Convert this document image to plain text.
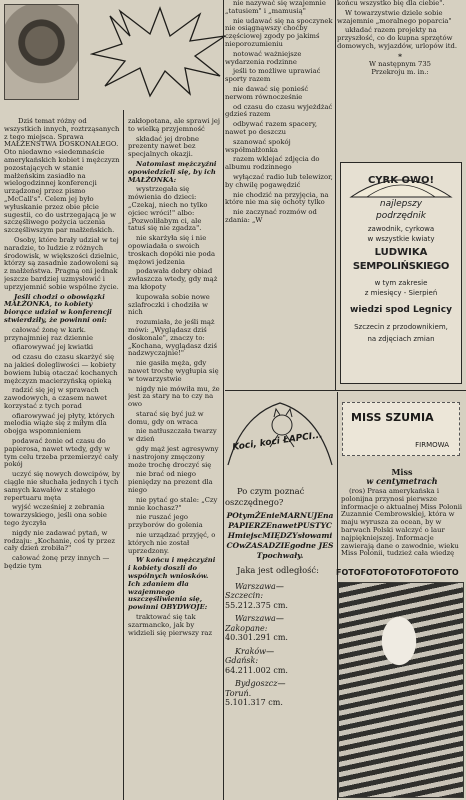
Dziś temat różny od wszystkich innych, roztrząsanych z tego miejsca. Sprawa MAŁŻEŃSTWA DOSKONAŁEGO. Oto niedawno »siedemnaście amerykańskich kobiet i mężczyzn pozostających w stanie małżeńskim zasiadło na wielogodzinnej konferencji urządzonej przez pismo „McCall's". Celem jej było wyłuskanie przez obie płcie sugestii, co do ustrzegającą je w szczęśliwego pożycia uczenia szczęśliwszym par małżeńskich.

Osoby, które brały udział w tej naradzie, to ludzie z różnych środowisk, w większości dzielnic, którzy są zasadnie zadowoleni są z małżeństwa. Pragną oni jednak jeszcze bardziej uzmysłowić i uprzyjemnić sobie wspólne życie.

Jeśli chodzi o obowiązki MAŁŻONKA, to kobiety biorące udział w konferencji stwierdziły, że powinni oni:

całować żonę w kark. przynajmniej raz dziennie

ofiarowywać jej kwiatki

od czasu do czasu skarżyć się na jakieś dolegliwości — kobiety bowiem lubią otaczać kochanych mężczyzn macierzyńską opieką

radzić się jej w sprawach zawodowych, a czasem nawet korzystać z tych porad

ofiarowywać jej płyty, których melodia wiąże się z miłym dla obojga wspomnieniem

podawać żonie od czasu do papierosa, nawet wtedy, gdy w tym celu trzeba przemierzyć cały pokój

uczyć się nowych dowcipów, by ciągle nie słuchała jednych i tych samych kawałów z stałego repertuaru męta

wyjść wcześniej z zebrania towarzyskiego, jeśli ona sobie tego życzyła

nigdy nie zadawać pytań, w rodzaju: „Kochanie, coś ty przez cały dzień zrobiła?"

całować żonę przy innych — będzie tym

zakłopotana, ale sprawi jej to wielką przyjemność

składać jej drobne prezenty nawet bez specjalnych okazji.

Natomiast mężczyźni opowiedzieli się, by ich MAŁŻONKA:

wystrzegała się mówienia do dzieci: „Czekaj, niech no tylko ojciec wróci!" albo: „Pozwoliłabym ci, ale tatuś się nie zgadza".

nie skarżyła się i nie opowiadała o swoich troskach dopóki nie poda mężowi jedzenia

podawała dobry obiad zwłaszcza wtedy, gdy mąż ma kłopoty

kupowała sobie nowe szlafroczki i chodziła w nich

rozumiała, że jeśli mąż mówi: „Wyglądasz dziś doskonale", znaczy to: „Kochana, wyglądasz dziś nadzwyczajnie!"

nie gasiła męża, gdy nawet trochę wygłupia się w towarzystwie

nigdy nie mówiła mu, że jest za stary na to czy na owo

starać się być już w domu, gdy on wraca

nie natłuszczała twarzy w dzień

gdy mąż jest agresywny i nastrojony zmęczony może trochę droczyć się

nie brać od niego pieniędzy na prezent dla niego

nie pytać go stale: „Czy mnie kochasz?"

nie ruszać jego przyborów do golenia

nie urządzać przyjęć, o których nie został uprzedzony.

W końcu i mężczyźni i kobiety doszli do wspólnych wniosków. Ich zdaniem dla wzajemnego uszczęśliwienia się, powinni OBYDWOJE:

traktować się tak szarmancko, jak by widzieli się pierwszy raz

nie nazywać się wzajemnie „tatusiem" i „mamusią"

nie udawać się na spoczynek nie osiągnąwszy choćby częściowej zgody po jakimś nieporozumieniu

notować ważniejsze wydarzenia rodzinne

jeśli to możliwe uprawiać sporty razem

nie dawać się ponieść nerwom równocześnie

od czasu do czasu wyjeżdżać gdzieś razem

odbywać razem spacery, nawet po deszczu

szanować spokój współmałżonka

razem wklejać zdjęcia do albumu rodzinnego

wyłączać radio lub telewizor, by chwilę pogawędzić

nie chodzić na przyjęcia, na które nie ma się ochoty tylko

nie zaczynać rozmów od zdania: „W

końcu wszystko bię dla ciebie".

W towarzystwie dziele sobie wzajemnie „moralnego poparcia"

układać razem projekty na przyszłość, co do kupna sprzętów domowych, wyjazdów, urlopów itd.

*

W następnym 735

Przekroju m. in.:

CYRK OWO!
najlepszy
podrzędnik
zawodnik, cyrkowa
w wszystkie kwiaty
LUDWIKA
SEMPOLIŃSKIEGO
w tym zakresie
z miesięcy - Sierpień
wiedzi spod Legnicy
Szczecin z przodownikiem,
na zdjęciach zmian
Koci, koci ŁAPCI...

Po czym poznać oszczędnego?

POtymŻEnieMARNUJEnaPAPIERZEnawetPUSTYCHmiejscMIĘDZYsłowamiCOwZASADZIEgodne JESTpochwały.

Jaka jest odległość:

Warszawa—

Szczecin:

55.212.375 cm.

Warszawa—

Zakopane:

40.301.291 cm.

Kraków—

Gdańsk:

64.211.002 cm.

Bydgoszcz—

Toruń.

5.101.317 cm.

MISS SZUMIA
FIRMOWA

Miss

w centymetrach

(ros) Prasa amerykańska i polonijna przynosi pierwsze informacje o aktualnej Miss Polonii Zuzannie Cembrowskiej, która w maju wyrusza za ocean, by w barwach Polski walczyć o laur najpiękniejszej. Informacje zawierają dane o zawodnie, wieku Miss Polonii, tudzież cała wiedzę

FOTOFOTOFOTOFOTOFOTO
